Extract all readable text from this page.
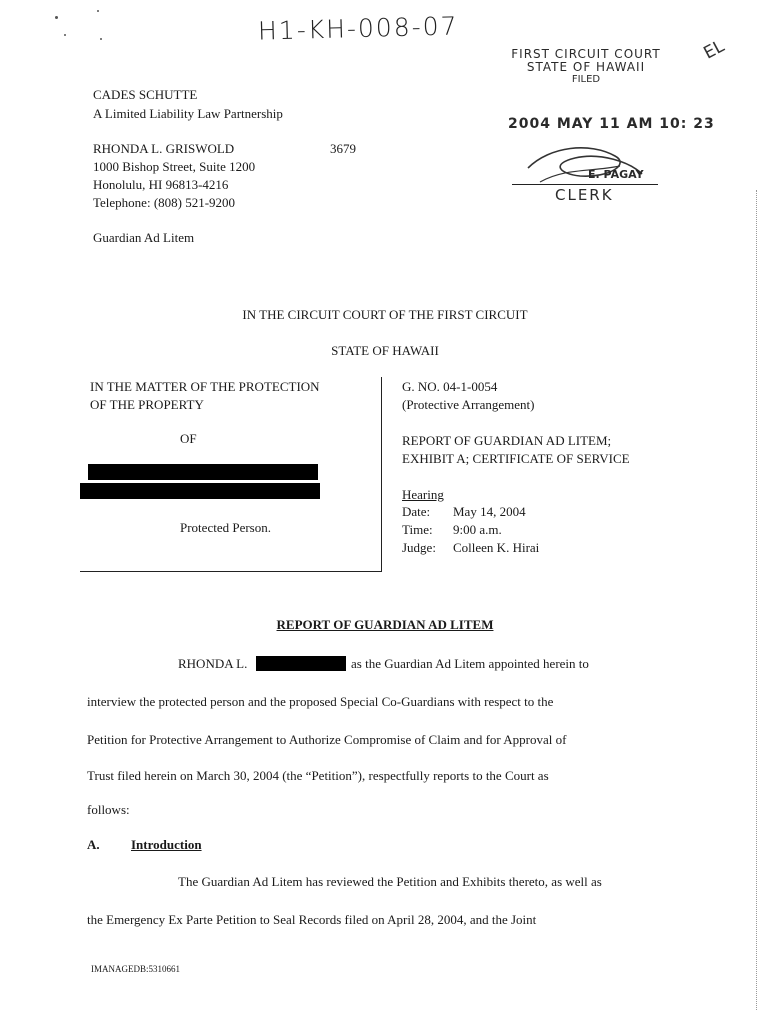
H1-KH-008-07
EL
FIRST CIRCUIT COURT
STATE OF HAWAII
FILED
2004 MAY 11 AM 10: 23
E. PAGAY
CLERK
CADES SCHUTTE
A Limited Liability Law Partnership
RHONDA L. GRISWOLD	3679
1000 Bishop Street, Suite 1200
Honolulu, HI 96813-4216
Telephone: (808) 521-9200
Guardian Ad Litem
IN THE CIRCUIT COURT OF THE FIRST CIRCUIT
STATE OF HAWAII
IN THE MATTER OF THE PROTECTION
OF THE PROPERTY
OF
Protected Person.
G. NO. 04-1-0054
(Protective Arrangement)
REPORT OF GUARDIAN AD LITEM;
EXHIBIT A; CERTIFICATE OF SERVICE
Hearing
Date: May 14, 2004
Time: 9:00 a.m.
Judge: Colleen K. Hirai
REPORT OF GUARDIAN AD LITEM
RHONDA L.	as the Guardian Ad Litem appointed herein to
interview the protected person and the proposed Special Co-Guardians with respect to the
Petition for Protective Arrangement to Authorize Compromise of Claim and for Approval of
Trust filed herein on March 30, 2004 (the “Petition”), respectfully reports to the Court as
follows:
A. Introduction
The Guardian Ad Litem has reviewed the Petition and Exhibits thereto, as well as
the Emergency Ex Parte Petition to Seal Records filed on April 28, 2004, and the Joint
IMANAGEDB:5310661
